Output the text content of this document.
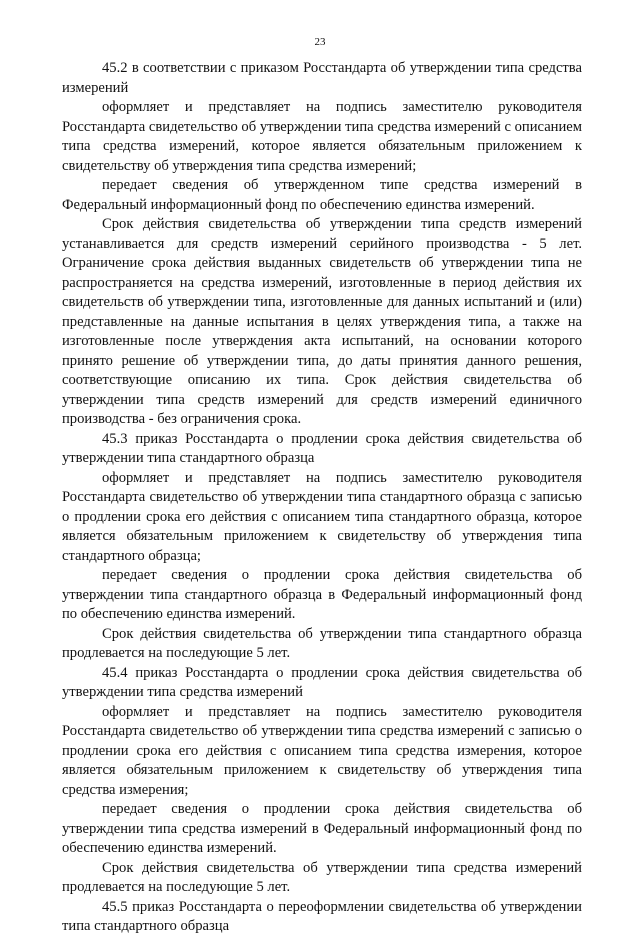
23

45.2 в соответствии с приказом Росстандарта об утверждении типа средства измерений

оформляет и представляет на подпись заместителю руководителя Росстандарта свидетельство об утверждении типа средства измерений с описанием типа средства измерений, которое является обязательным приложением к свидетельству об утверждения типа средства измерений;

передает сведения об утвержденном типе средства измерений в Федеральный информационный фонд по обеспечению единства измерений.

Срок действия свидетельства об утверждении типа средств измерений устанавливается для средств измерений серийного производства - 5 лет. Ограничение срока действия выданных свидетельств об утверждении типа не распространяется на средства измерений, изготовленные в период действия их свидетельств об утверждении типа, изготовленные для данных испытаний и (или) представленные на данные испытания в целях утверждения типа, а также на изготовленные после утверждения акта испытаний, на основании которого принято решение об утверждении типа, до даты принятия данного решения, соответствующие описанию их типа. Срок действия свидетельства об утверждении типа средств измерений для средств измерений единичного производства - без ограничения срока.

45.3 приказ Росстандарта о продлении срока действия свидетельства об утверждении типа стандартного образца

оформляет и представляет на подпись заместителю руководителя Росстандарта свидетельство об утверждении типа стандартного образца с записью о продлении срока его действия с описанием типа стандартного образца, которое является обязательным приложением к свидетельству об утверждения типа стандартного образца;

передает сведения о продлении срока действия свидетельства об утверждении типа стандартного образца в Федеральный информационный фонд по обеспечению единства измерений.

Срок действия свидетельства об утверждении типа стандартного образца продлевается на последующие 5 лет.

45.4 приказ Росстандарта о продлении срока действия свидетельства об утверждении типа средства измерений

оформляет и представляет на подпись заместителю руководителя Росстандарта свидетельство об утверждении типа средства измерений с записью о продлении срока его действия с описанием типа средства измерения, которое является обязательным приложением к свидетельству об утверждения типа средства измерения;

передает сведения о продлении срока действия свидетельства об утверждении типа средства измерений в Федеральный информационный фонд по обеспечению единства измерений.

Срок действия свидетельства об утверждении типа средства измерений продлевается на последующие 5 лет.

45.5 приказ Росстандарта о переоформлении свидетельства об утверждении типа стандартного образца
